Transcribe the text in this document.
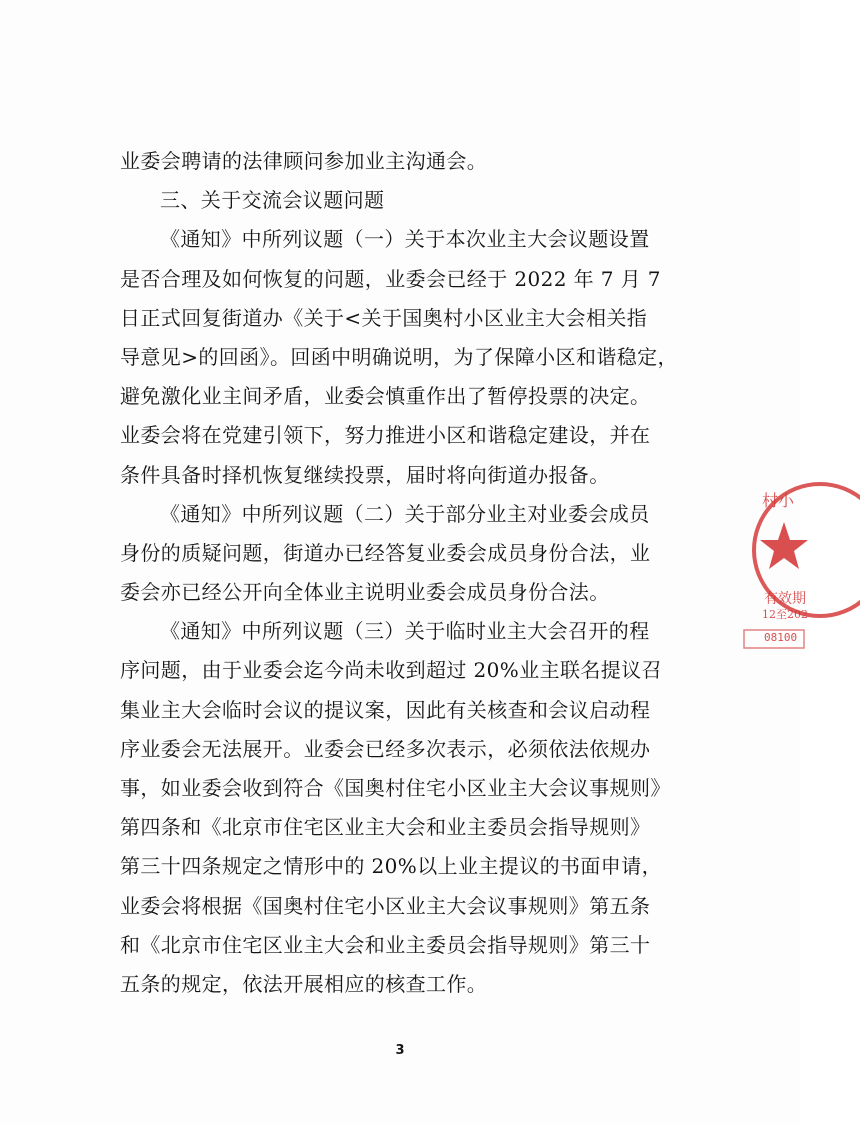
业委会聘请的法律顾问参加业主沟通会。
三、关于交流会议题问题
《通知》中所列议题（一）关于本次业主大会议题设置
是否合理及如何恢复的问题，业委会已经于 2022 年 7 月 7
日正式回复街道办《关于<关于国奥村小区业主大会相关指
导意见>的回函》。回函中明确说明，为了保障小区和谐稳定，
避免激化业主间矛盾，业委会慎重作出了暂停投票的决定。
业委会将在党建引领下，努力推进小区和谐稳定建设，并在
条件具备时择机恢复继续投票，届时将向街道办报备。
《通知》中所列议题（二）关于部分业主对业委会成员
身份的质疑问题，街道办已经答复业委会成员身份合法，业
委会亦已经公开向全体业主说明业委会成员身份合法。
《通知》中所列议题（三）关于临时业主大会召开的程
序问题，由于业委会迄今尚未收到超过 20%业主联名提议召
集业主大会临时会议的提议案，因此有关核查和会议启动程
序业委会无法展开。业委会已经多次表示，必须依法依规办
事，如业委会收到符合《国奥村住宅小区业主大会议事规则》
第四条和《北京市住宅区业主大会和业主委员会指导规则》
第三十四条规定之情形中的 20%以上业主提议的书面申请，
业委会将根据《国奥村住宅小区业主大会议事规则》第五条
和《北京市住宅区业主大会和业主委员会指导规则》第三十
五条的规定，依法开展相应的核查工作。
3
村小
有效期
12至202
08100
